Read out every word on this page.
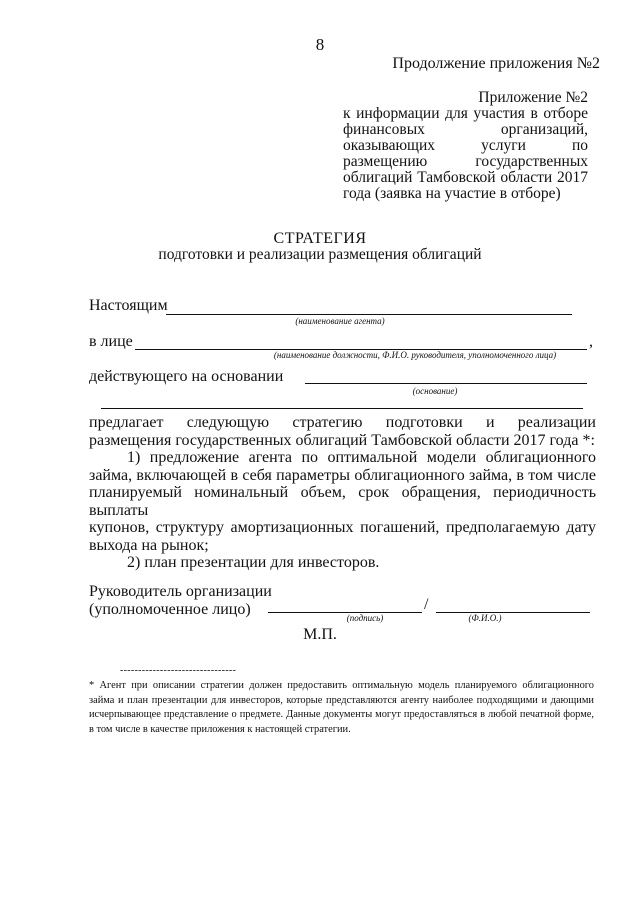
8
Продолжение приложения №2
Приложение №2
к информации для участия в отборе
финансовых организаций,
оказывающих услуги по
размещению государственных
облигаций Тамбовской области 2017
года (заявка на участие в отборе)
СТРАТЕГИЯ
подготовки и реализации размещения облигаций
Настоящим
(наименование агента)
в лице	,
(наименование должности, Ф.И.О. руководителя, уполномоченного лица)
действующего на основании
(основание)
предлагает следующую стратегию подготовки и реализации
размещения государственных облигаций Тамбовской области 2017 года *:
1) предложение агента по оптимальной модели облигационного
займа, включающей в себя параметры облигационного займа, в том числе
планируемый номинальный объем, срок обращения, периодичность выплаты
купонов, структуру амортизационных погашений, предполагаемую дату
выхода на рынок;
2) план презентации для инвесторов.
Руководитель организации
(уполномоченное лицо)	/
(подпись)	(Ф.И.О.)
М.П.
--------------------------------
* Агент при описании стратегии должен предоставить оптимальную модель планируемого облигационного займа и план презентации для инвесторов, которые представляются агенту наиболее подходящими и дающими исчерпывающее представление о предмете. Данные документы могут предоставляться в любой печатной форме, в том числе в качестве приложения к настоящей стратегии.
